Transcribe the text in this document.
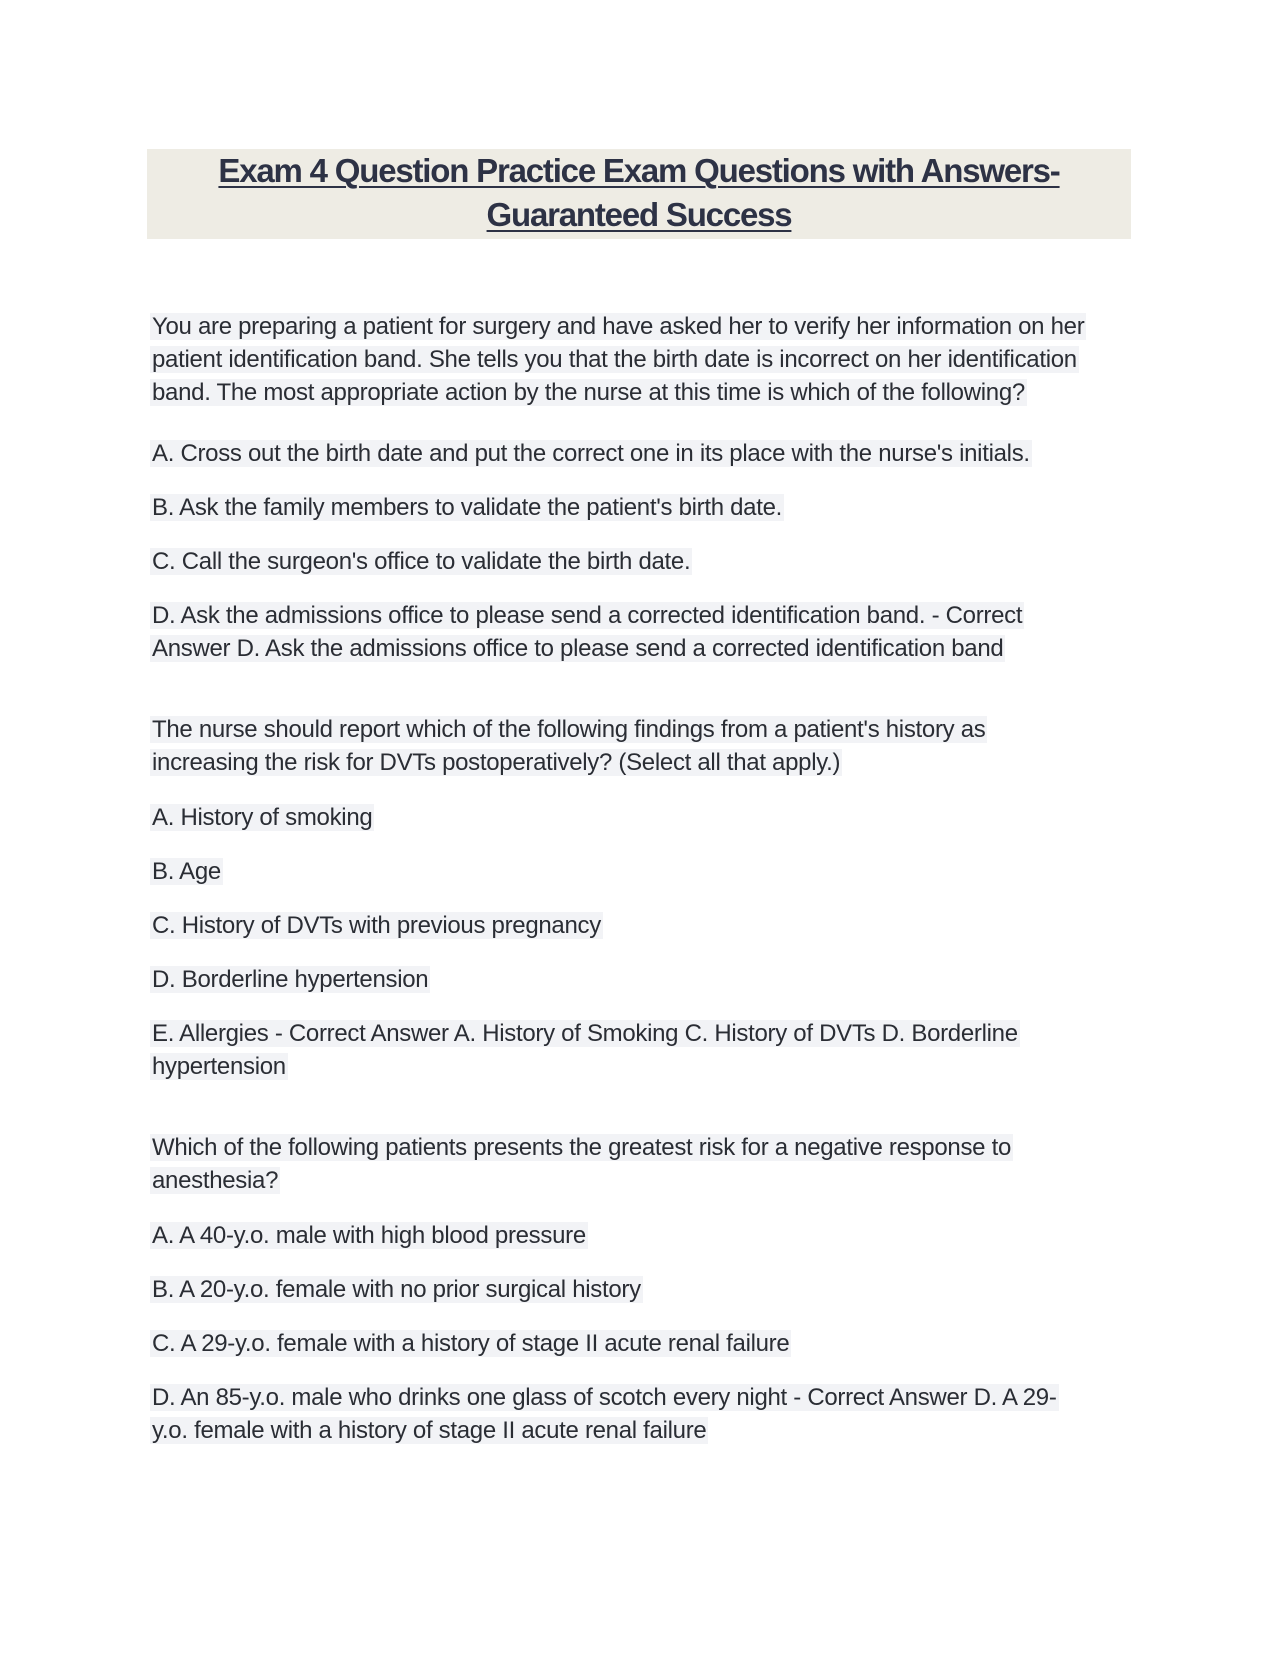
Exam 4 Question Practice Exam Questions with Answers-
Guaranteed Success
You are preparing a patient for surgery and have asked her to verify her information on her
patient identification band. She tells you that the birth date is incorrect on her identification
band. The most appropriate action by the nurse at this time is which of the following?
A. Cross out the birth date and put the correct one in its place with the nurse's initials.
B. Ask the family members to validate the patient's birth date.
C. Call the surgeon's office to validate the birth date.
D. Ask the admissions office to please send a corrected identification band. - Correct
Answer D. Ask the admissions office to please send a corrected identification band
The nurse should report which of the following findings from a patient's history as
increasing the risk for DVTs postoperatively? (Select all that apply.)
A. History of smoking
B. Age
C. History of DVTs with previous pregnancy
D. Borderline hypertension
E. Allergies - Correct Answer A. History of Smoking C. History of DVTs D. Borderline
hypertension
Which of the following patients presents the greatest risk for a negative response to
anesthesia?
A. A 40-y.o. male with high blood pressure
B. A 20-y.o. female with no prior surgical history
C. A 29-y.o. female with a history of stage II acute renal failure
D. An 85-y.o. male who drinks one glass of scotch every night - Correct Answer D. A 29-
y.o. female with a history of stage II acute renal failure
